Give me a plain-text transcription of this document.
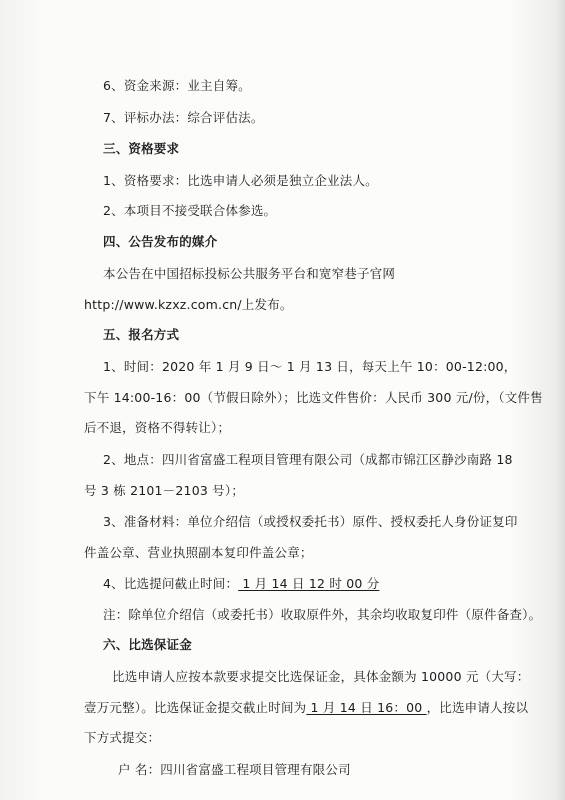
6、资金来源：业主自筹。
7、评标办法：综合评估法。
三、资格要求
1、资格要求：比选申请人必须是独立企业法人。
2、本项目不接受联合体参选。
四、公告发布的媒介
本公告在中国招标投标公共服务平台和宽窄巷子官网
http://www.kzxz.com.cn/上发布。
五、报名方式
1、时间：2020 年 1 月 9 日～ 1 月 13 日，每天上午 10：00-12:00，
下午 14:00-16：00（节假日除外）；比选文件售价：人民币 300 元/份，（文件售
后不退，资格不得转让）；
2、地点：四川省富盛工程项目管理有限公司（成都市锦江区静沙南路 18
号 3 栋 2101－2103 号）；
3、准备材料：单位介绍信（或授权委托书）原件、授权委托人身份证复印
件盖公章、营业执照副本复印件盖公章；
4、比选提问截止时间： 1 月 14 日 12 时 00 分
注：除单位介绍信（或委托书）收取原件外，其余均收取复印件（原件备查）。
六、比选保证金
比选申请人应按本款要求提交比选保证金，具体金额为 10000 元（大写：
壹万元整）。比选保证金提交截止时间为 1 月 14 日 16：00 ，比选申请人按以
下方式提交：
户 名：四川省富盛工程项目管理有限公司
